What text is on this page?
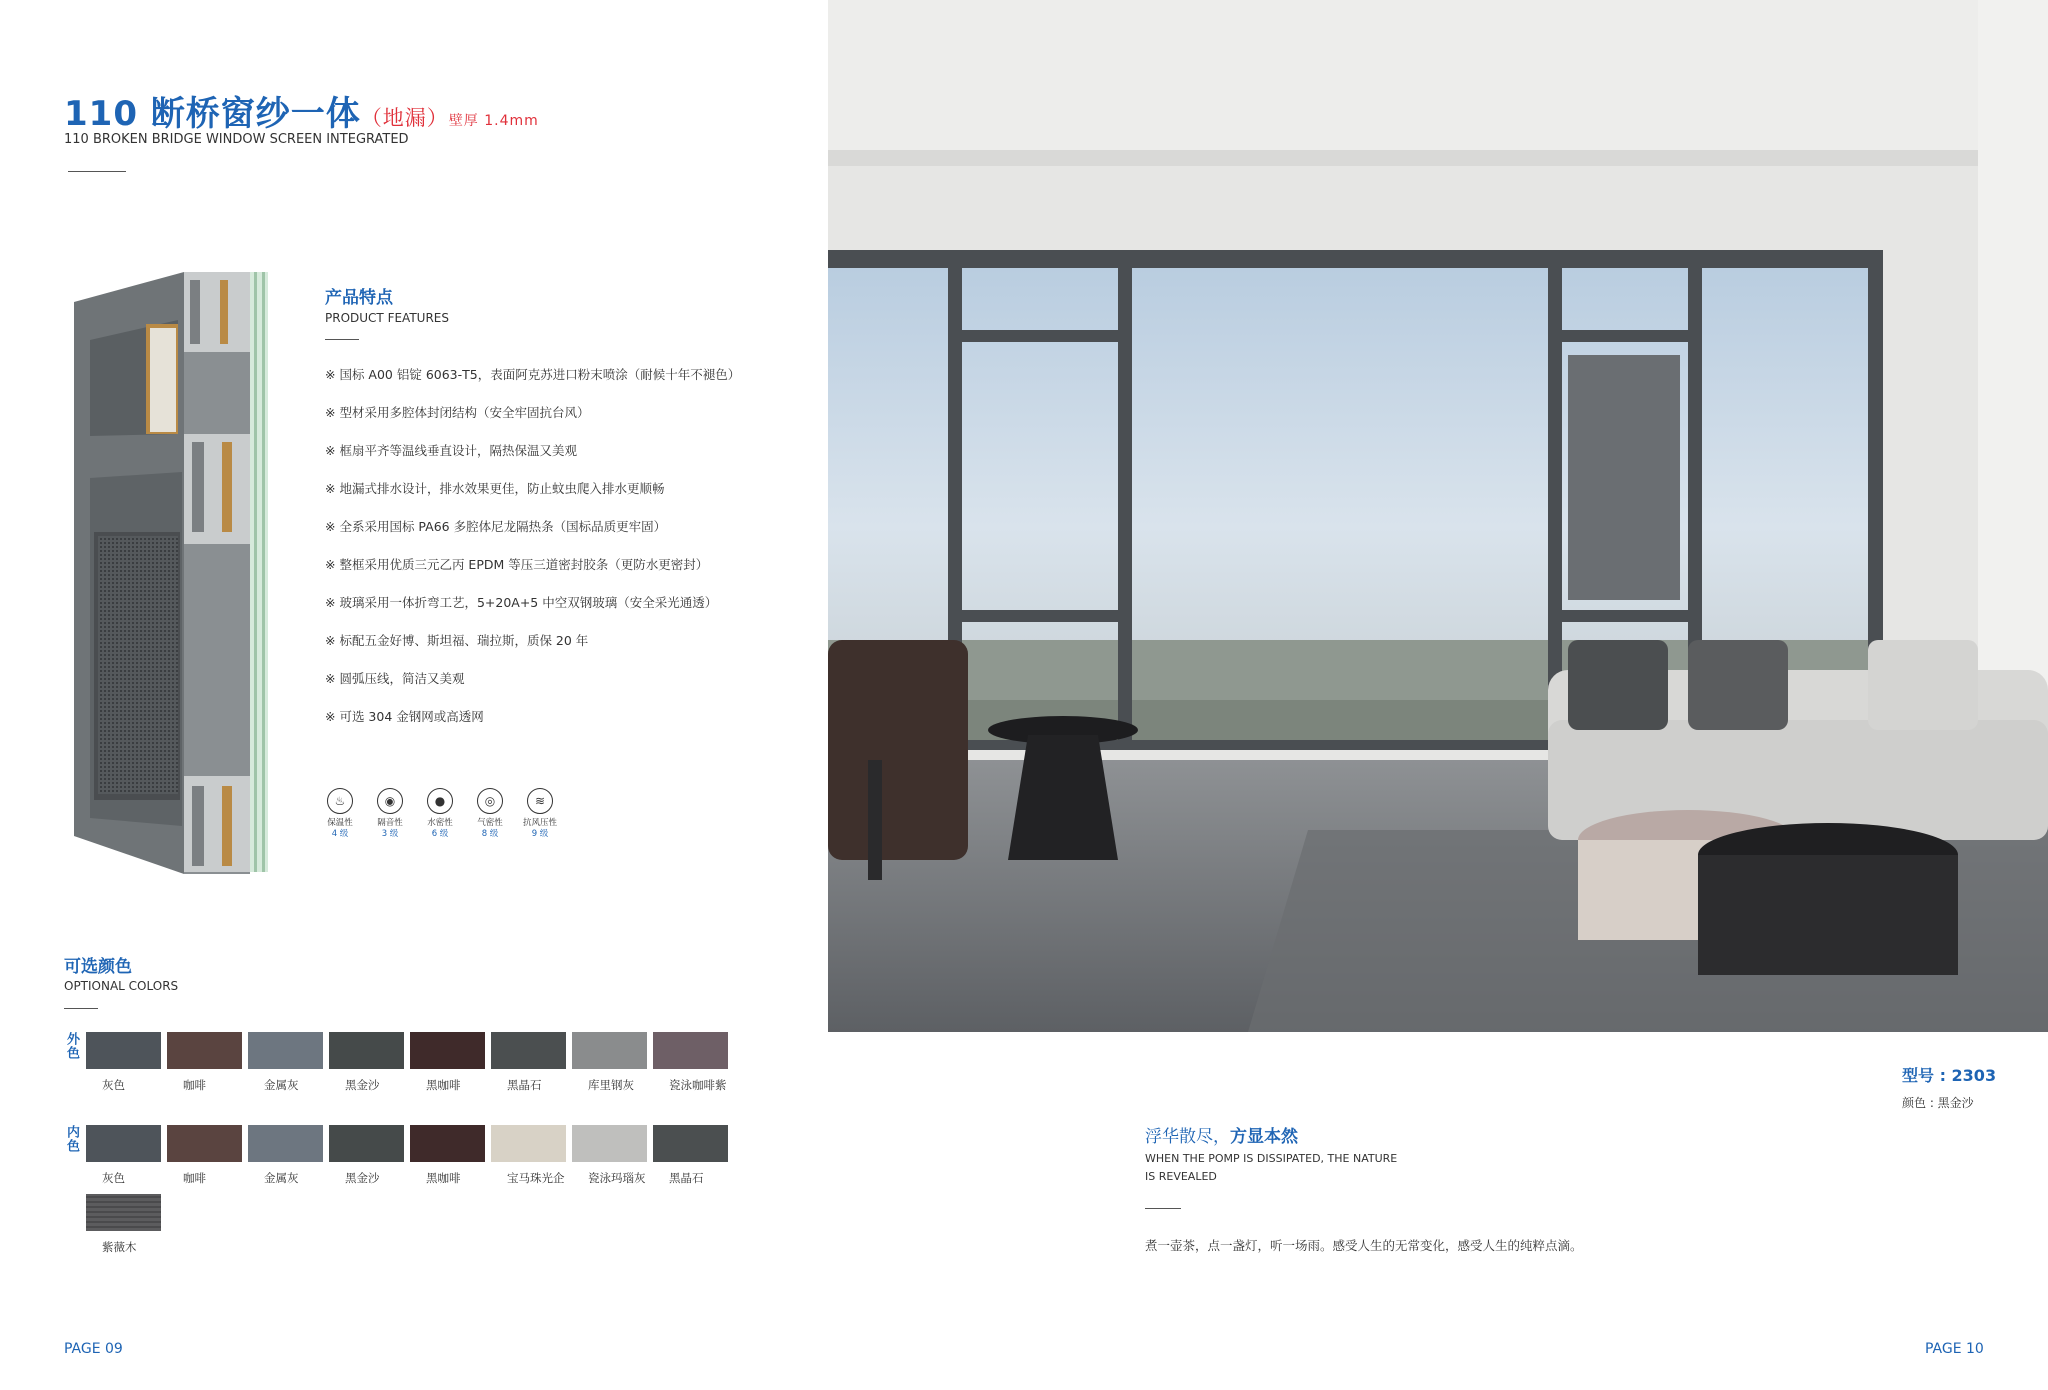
110 断桥窗纱一体（地漏）壁厚 1.4mm
110 BROKEN BRIDGE WINDOW SCREEN INTEGRATED
产品特点
PRODUCT FEATURES
※ 国标 A00 铝锭 6063-T5，表面阿克苏进口粉末喷涂（耐候十年不褪色）
※ 型材采用多腔体封闭结构（安全牢固抗台风）
※ 框扇平齐等温线垂直设计，隔热保温又美观
※ 地漏式排水设计，排水效果更佳，防止蚊虫爬入排水更顺畅
※ 全系采用国标 PA66 多腔体尼龙隔热条（国标品质更牢固）
※ 整框采用优质三元乙丙 EPDM 等压三道密封胶条（更防水更密封）
※ 玻璃采用一体折弯工艺，5+20A+5 中空双钢玻璃（安全采光通透）
※ 标配五金好博、斯坦福、瑞拉斯，质保 20 年
※ 圆弧压线，简洁又美观
※ 可选 304 金钢网或高透网
♨
保温性
4 级
◉
隔音性
3 级
●
水密性
6 级
◎
气密性
8 级
≋
抗风压性
9 级
可选颜色
OPTIONAL COLORS
外色
灰色	咖啡	金属灰	黑金沙	黑咖啡	黑晶石	库里钢灰	瓷泳咖啡紫
内色
灰色	咖啡	金属灰	黑金沙	黑咖啡	宝马珠光企	瓷泳玛瑙灰	黑晶石
紫薇木
PAGE 09
型号 : 2303
颜色 : 黑金沙
浮华散尽，方显本然
WHEN THE POMP IS DISSIPATED, THE NATURE
IS REVEALED
煮一壶茶，点一盏灯，听一场雨。感受人生的无常变化，感受人生的纯粹点滴。
PAGE 10
